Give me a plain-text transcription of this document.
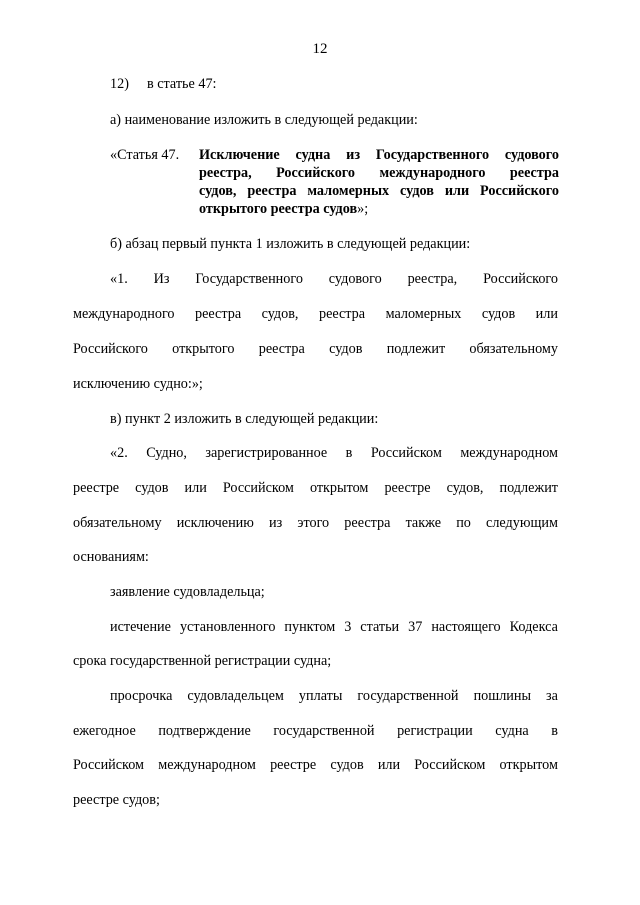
12
12) в статье 47:
а) наименование изложить в следующей редакции:
«Статья 47. Исключение судна из Государственного судового
реестра, Российского международного реестра
судов, реестра маломерных судов или Российского
открытого реестра судов»;
б) абзац первый пункта 1 изложить в следующей редакции:
«1. Из Государственного судового реестра, Российского
международного реестра судов, реестра маломерных судов или
Российского открытого реестра судов подлежит обязательному
исключению судно:»;
в) пункт 2 изложить в следующей редакции:
«2. Судно, зарегистрированное в Российском международном
реестре судов или Российском открытом реестре судов, подлежит
обязательному исключению из этого реестра также по следующим
основаниям:
заявление судовладельца;
истечение установленного пунктом 3 статьи 37 настоящего Кодекса
срока государственной регистрации судна;
просрочка судовладельцем уплаты государственной пошлины за
ежегодное подтверждение государственной регистрации судна в
Российском международном реестре судов или Российском открытом
реестре судов;
